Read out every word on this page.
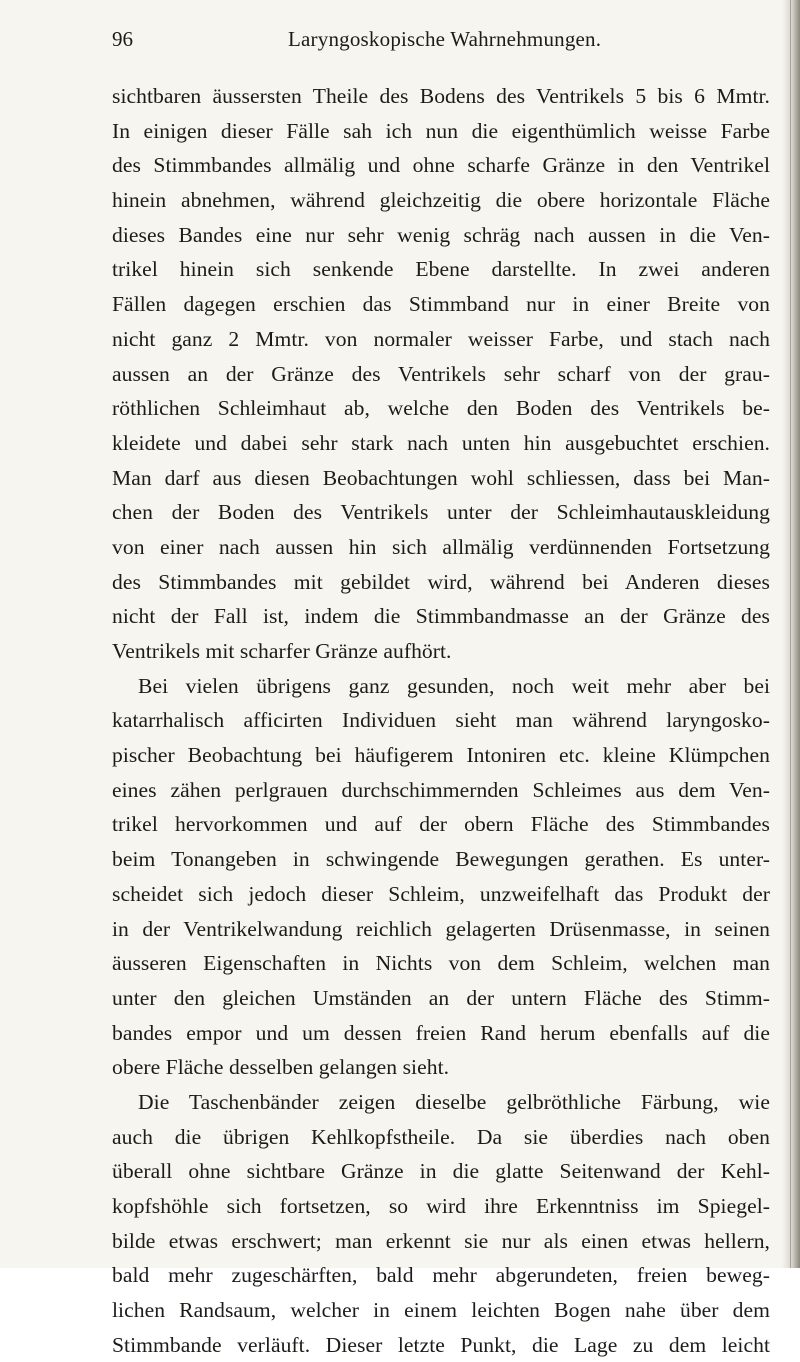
96	Laryngoskopische Wahrnehmungen.
sichtbaren äussersten Theile des Bodens des Ventrikels 5 bis 6 Mmtr.
In einigen dieser Fälle sah ich nun die eigenthümlich weisse Farbe
des Stimmbandes allmälig und ohne scharfe Gränze in den Ventrikel
hinein abnehmen, während gleichzeitig die obere horizontale Fläche
dieses Bandes eine nur sehr wenig schräg nach aussen in die Ven-
trikel hinein sich senkende Ebene darstellte. In zwei anderen
Fällen dagegen erschien das Stimmband nur in einer Breite von
nicht ganz 2 Mmtr. von normaler weisser Farbe, und stach nach
aussen an der Gränze des Ventrikels sehr scharf von der grau-
röthlichen Schleimhaut ab, welche den Boden des Ventrikels be-
kleidete und dabei sehr stark nach unten hin ausgebuchtet erschien.
Man darf aus diesen Beobachtungen wohl schliessen, dass bei Man-
chen der Boden des Ventrikels unter der Schleimhautauskleidung
von einer nach aussen hin sich allmälig verdünnenden Fortsetzung
des Stimmbandes mit gebildet wird, während bei Anderen dieses
nicht der Fall ist, indem die Stimmbandmasse an der Gränze des
Ventrikels mit scharfer Gränze aufhört.
Bei vielen übrigens ganz gesunden, noch weit mehr aber bei
katarrhalisch afficirten Individuen sieht man während laryngosko-
pischer Beobachtung bei häufigerem Intoniren etc. kleine Klümpchen
eines zähen perlgrauen durchschimmernden Schleimes aus dem Ven-
trikel hervorkommen und auf der obern Fläche des Stimmbandes
beim Tonangeben in schwingende Bewegungen gerathen. Es unter-
scheidet sich jedoch dieser Schleim, unzweifelhaft das Produkt der
in der Ventrikelwandung reichlich gelagerten Drüsenmasse, in seinen
äusseren Eigenschaften in Nichts von dem Schleim, welchen man
unter den gleichen Umständen an der untern Fläche des Stimm-
bandes empor und um dessen freien Rand herum ebenfalls auf die
obere Fläche desselben gelangen sieht.
Die Taschenbänder zeigen dieselbe gelbröthliche Färbung, wie
auch die übrigen Kehlkopfstheile. Da sie überdies nach oben
überall ohne sichtbare Gränze in die glatte Seitenwand der Kehl-
kopfshöhle sich fortsetzen, so wird ihre Erkenntniss im Spiegel-
bilde etwas erschwert; man erkennt sie nur als einen etwas hellern,
bald mehr zugeschärften, bald mehr abgerundeten, freien beweg-
lichen Randsaum, welcher in einem leichten Bogen nahe über dem
Stimmbande verläuft. Dieser letzte Punkt, die Lage zu dem leicht
